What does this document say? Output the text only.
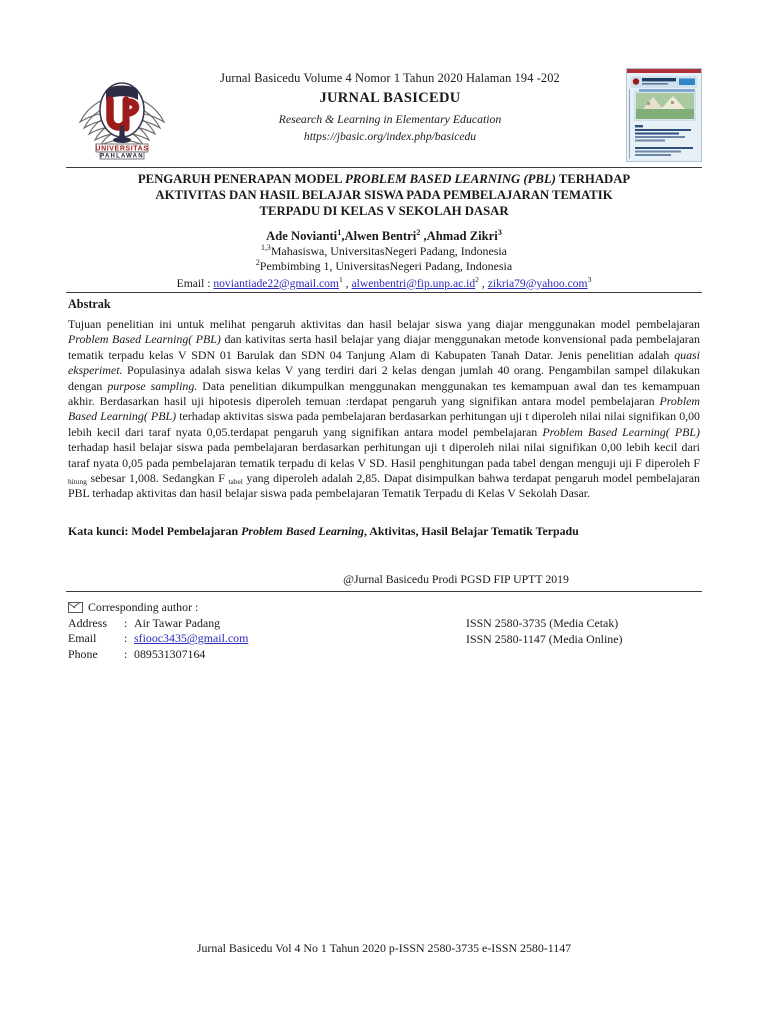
UNIVERSITAS
PAHLAWAN
Jurnal Basicedu Volume 4 Nomor 1 Tahun 2020 Halaman 194 -202
JURNAL BASICEDU
Research & Learning in Elementary Education
https://jbasic.org/index.php/basicedu
PENGARUH PENERAPAN MODEL PROBLEM BASED LEARNING (PBL) TERHADAP
AKTIVITAS DAN HASIL BELAJAR SISWA PADA PEMBELAJARAN TEMATIK
TERPADU DI KELAS V SEKOLAH DASAR
Ade Novianti$^1$,Alwen Bentri$^2$ ,Ahmad Zikri$^3$
$^{1,3}$Mahasiswa, UniversitasNegeri Padang, Indonesia
$^2$Pembimbing 1, UniversitasNegeri Padang, Indonesia
Email : noviantiade22@gmail.com$^1$ , $alwenbentri@fip.unp.ac.id^2$ , zikria79@yahoo.com$^3$
Abstrak
Tujuan penelitian ini untuk melihat pengaruh aktivitas dan hasil belajar siswa yang diajar menggunakan model pembelajaran Problem Based Learning( PBL) dan kativitas serta hasil belajar yang diajar menggunakan metode konvensional pada pembelajaran tematik terpadu kelas V SDN 01 Barulak dan SDN 04 Tanjung Alam di Kabupaten Tanah Datar. Jenis penelitian adalah quasi eksperimet. Populasinya adalah siswa kelas V yang terdiri dari 2 kelas dengan jumlah 40 orang. Pengambilan sampel dilakukan dengan purpose sampling. Data penelitian dikumpulkan menggunakan menggunakan tes kemampuan awal dan tes kemampuan akhir. Berdasarkan hasil uji hipotesis diperoleh temuan :terdapat pengaruh yang signifikan antara model pembelajaran Problem Based Learning( PBL) terhadap aktivitas siswa pada pembelajaran berdasarkan perhitungan uji t diperoleh nilai nilai signifikan 0,00 lebih kecil dari taraf nyata 0,05.terdapat pengaruh yang signifikan antara model pembelajaran Problem Based Learning( PBL) terhadap hasil belajar siswa pada pembelajaran berdasarkan perhitungan uji t diperoleh nilai nilai signifikan 0,00 lebih kecil dari taraf nyata 0,05 pada pembelajaran tematik terpadu di kelas V SD. Hasil penghitungan pada tabel dengan menguji uji F diperoleh F $_{hitung}$ sebesar 1,008. Sedangkan F $_{tabel}$ yang diperoleh adalah 2,85. Dapat disimpulkan bahwa terdapat pengaruh model pembelajaran PBL terhadap aktivitas dan hasil belajar siswa pada pembelajaran Tematik Terpadu di Kelas V Sekolah Dasar.
Kata kunci: Model Pembelajaran Problem Based Learning, Aktivitas, Hasil Belajar Tematik Terpadu
@Jurnal Basicedu Prodi PGSD FIP UPTT 2019
Corresponding author :
Address	: Air Tawar Padang
Email	: sfiooc3435@gmail.com
Phone	: 089531307164
ISSN 2580-3735 (Media Cetak)
ISSN 2580-1147 (Media Online)
Jurnal Basicedu Vol 4 No 1 Tahun 2020 p-ISSN 2580-3735 e-ISSN 2580-1147
